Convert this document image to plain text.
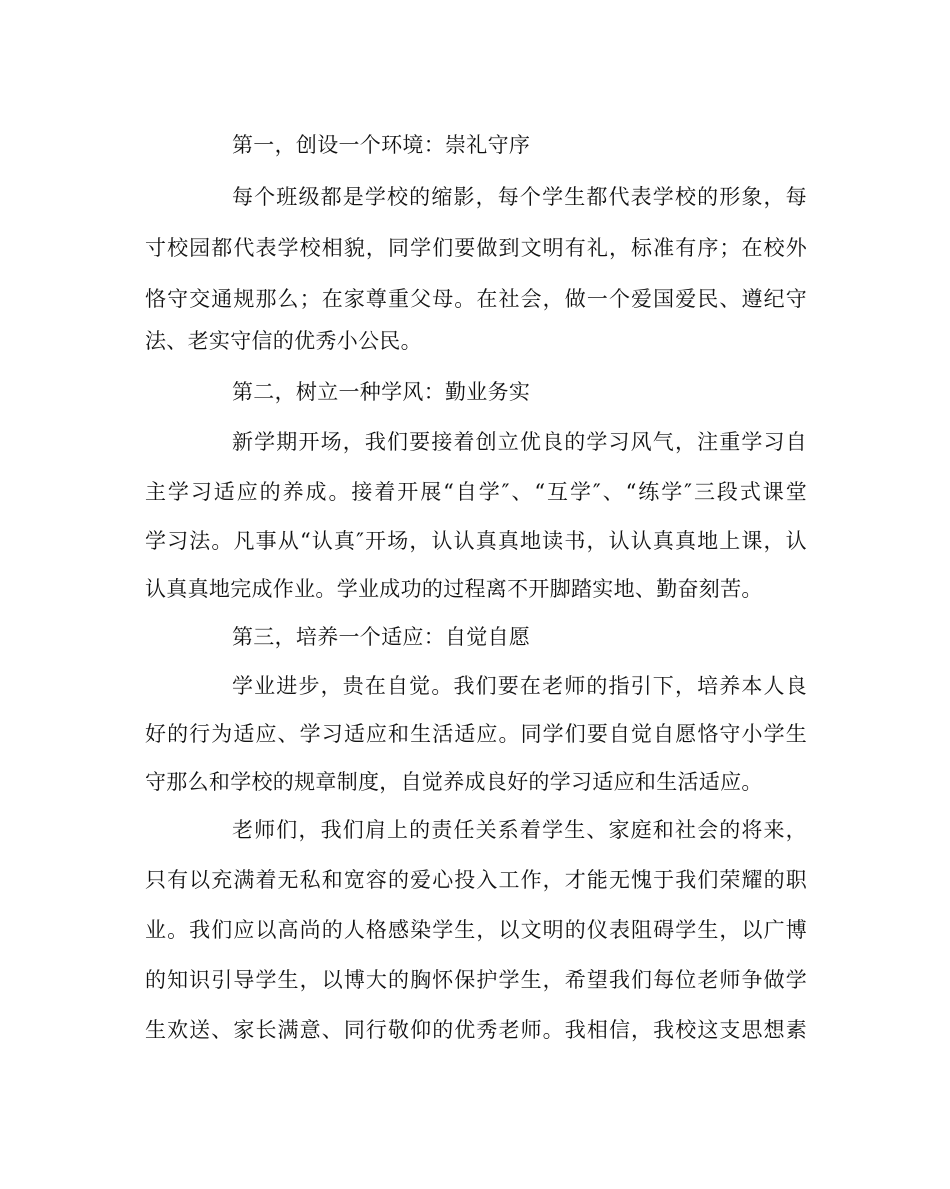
第一，创设一个环境：崇礼守序
每个班级都是学校的缩影，每个学生都代表学校的形象，每
寸校园都代表学校相貌，同学们要做到文明有礼，标准有序；在校外
恪守交通规那么；在家尊重父母。在社会，做一个爱国爱民、遵纪守
法、老实守信的优秀小公民。
第二，树立一种学风：勤业务实
新学期开场，我们要接着创立优良的学习风气，注重学习自
主学习适应的养成。接着开展“自学″、“互学″、“练学″三段式课堂
学习法。凡事从“认真″开场，认认真真地读书，认认真真地上课，认
认真真地完成作业。学业成功的过程离不开脚踏实地、勤奋刻苦。
第三，培养一个适应：自觉自愿
学业进步，贵在自觉。我们要在老师的指引下，培养本人良
好的行为适应、学习适应和生活适应。同学们要自觉自愿恪守小学生
守那么和学校的规章制度，自觉养成良好的学习适应和生活适应。
老师们，我们肩上的责任关系着学生、家庭和社会的将来，
只有以充满着无私和宽容的爱心投入工作，才能无愧于我们荣耀的职
业。我们应以高尚的人格感染学生，以文明的仪表阻碍学生，以广博
的知识引导学生，以博大的胸怀保护学生，希望我们每位老师争做学
生欢送、家长满意、同行敬仰的优秀老师。我相信，我校这支思想素
